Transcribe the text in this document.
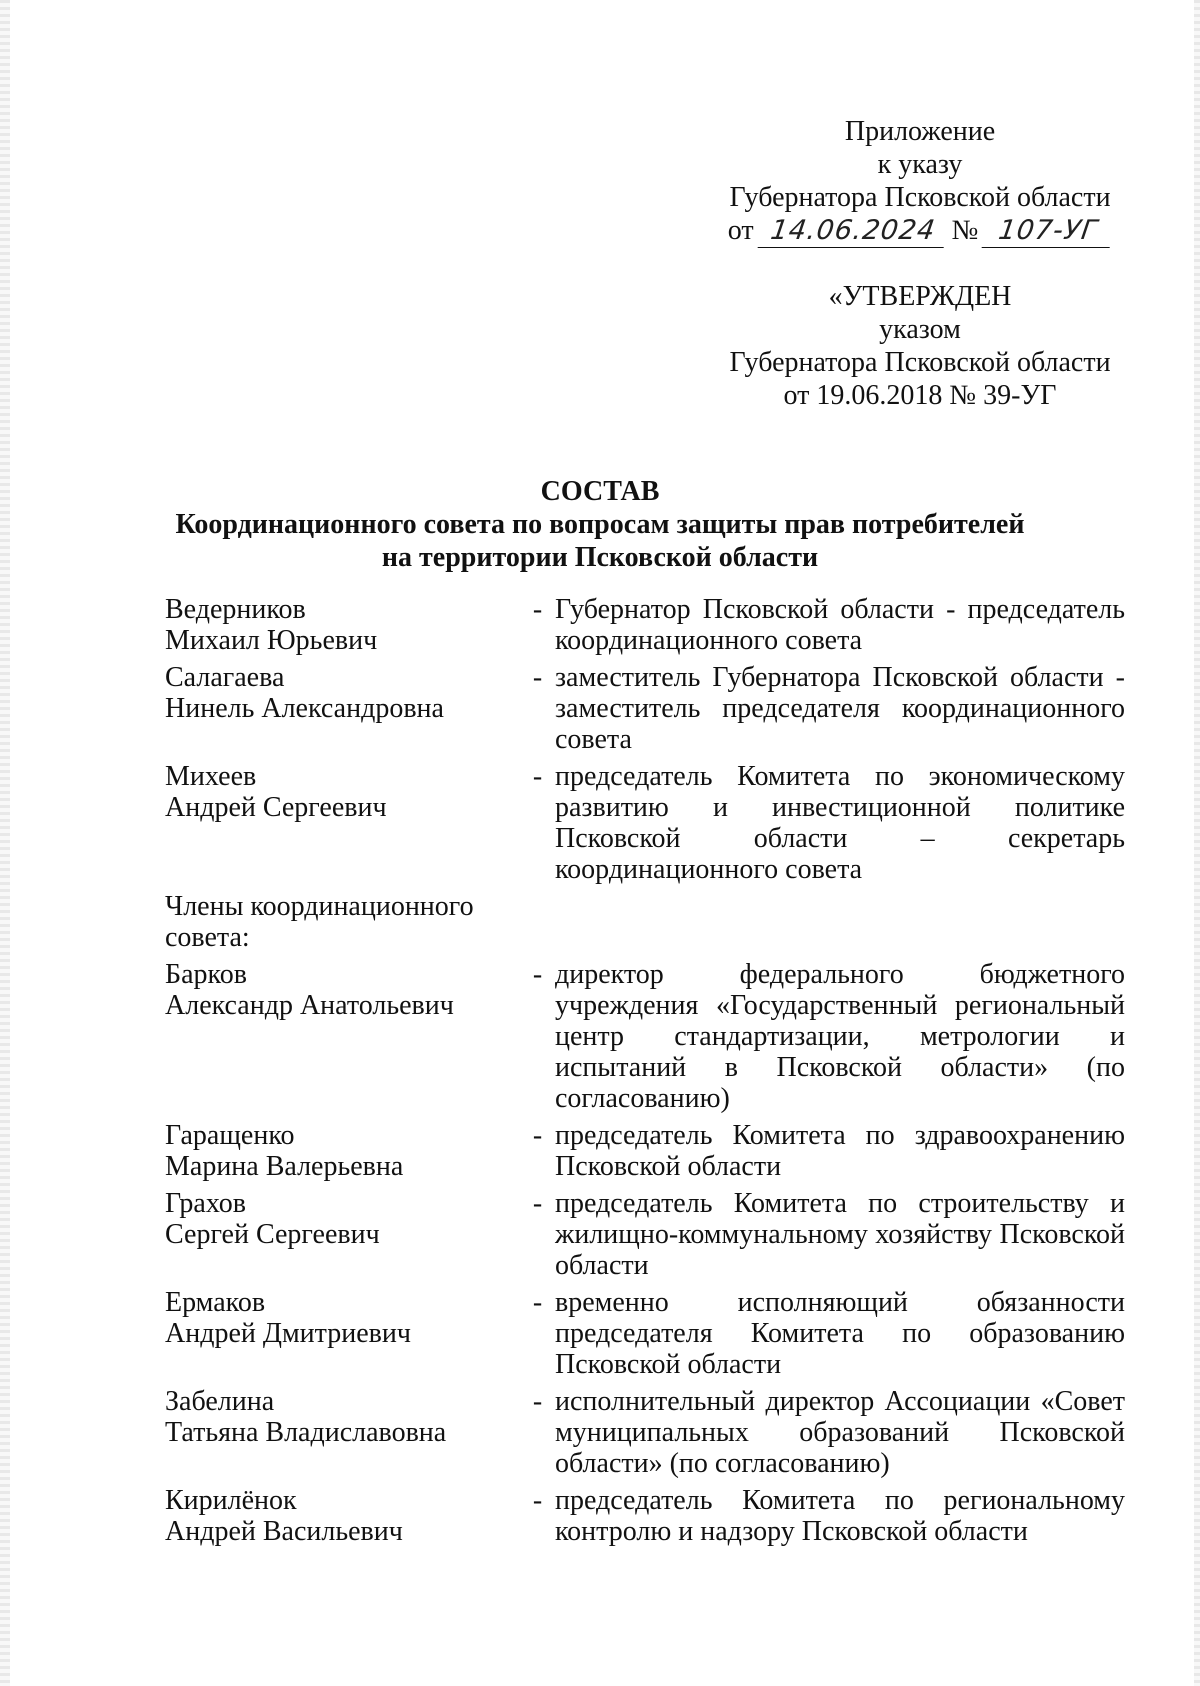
Приложение
к указу
Губернатора Псковской области
от 14.06.2024 № 107-УГ
«УТВЕРЖДЕН
указом
Губернатора Псковской области
от 19.06.2018 № 39-УГ
СОСТАВ
Координационного совета по вопросам защиты прав потребителей
на территории Псковской области
Ведерников
Михаил Юрьевич
- Губернатор Псковской области - председатель координационного совета
Салагаева
Нинель Александровна
- заместитель Губернатора Псковской области - заместитель председателя координационного совета
Михеев
Андрей Сергеевич
- председатель Комитета по экономическому развитию и инвестиционной политике Псковской области – секретарь координационного совета
Члены координационного
совета:
Барков
Александр Анатольевич
- директор федерального бюджетного учреждения «Государственный региональный центр стандартизации, метрологии и испытаний в Псковской области» (по согласованию)
Гаращенко
Марина Валерьевна
- председатель Комитета по здравоохранению Псковской области
Грахов
Сергей Сергеевич
- председатель Комитета по строительству и жилищно-коммунальному хозяйству Псковской области
Ермаков
Андрей Дмитриевич
- временно исполняющий обязанности председателя Комитета по образованию Псковской области
Забелина
Татьяна Владиславовна
- исполнительный директор Ассоциации «Совет муниципальных образований Псковской области» (по согласованию)
Кирилёнок
Андрей Васильевич
- председатель Комитета по региональному контролю и надзору Псковской области
